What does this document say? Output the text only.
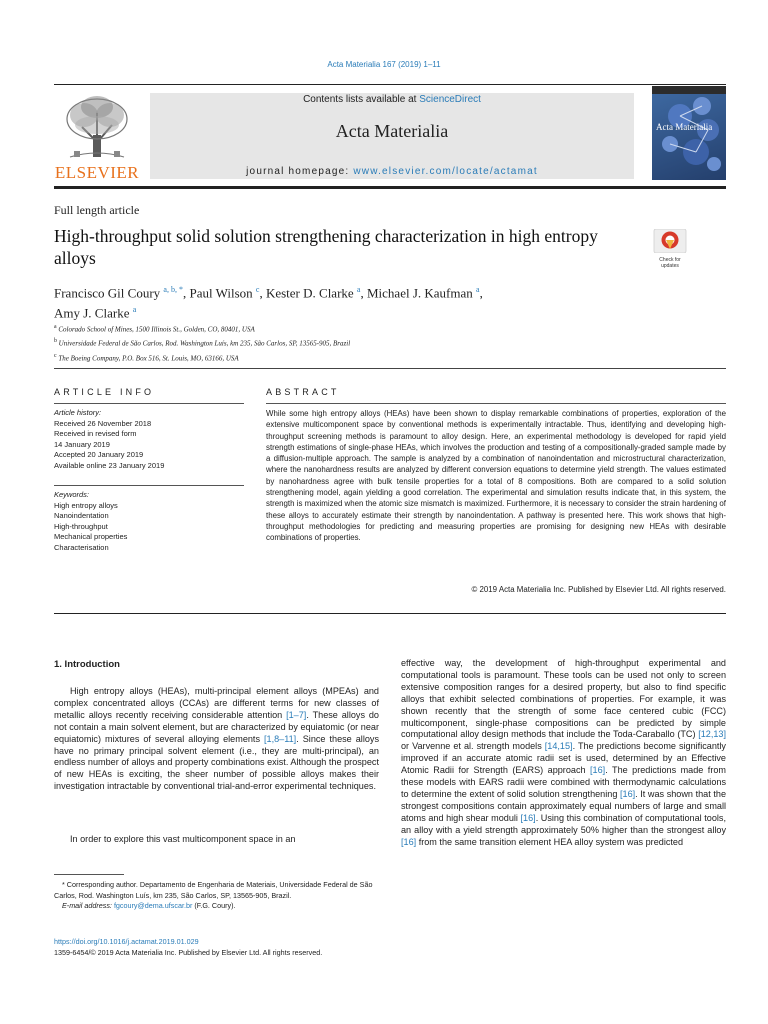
Acta Materialia 167 (2019) 1–11
ELSEVIER
Contents lists available at ScienceDirect
Acta Materialia
journal homepage: www.elsevier.com/locate/actamat
Acta Materialia
Full length article
High-throughput solid solution strengthening characterization in high entropy alloys	Check for updates
Francisco Gil Coury $^{a, b, *}$, Paul Wilson $^c$, Kester D. Clarke $^a$, Michael J. Kaufman $^a$,
Amy J. Clarke $^a$
$^a$ Colorado School of Mines, 1500 Illinois St., Golden, CO, 80401, USA
$^b$ Universidade Federal de São Carlos, Rod. Washington Luís, km 235, São Carlos, SP, 13565-905, Brazil
$^c$ The Boeing Company, P.O. Box 516, St. Louis, MO, 63166, USA
ARTICLE INFO
Article history:
Received 26 November 2018
Received in revised form
14 January 2019
Accepted 20 January 2019
Available online 23 January 2019
Keywords:
High entropy alloys
Nanoindentation
High-throughput
Mechanical properties
Characterisation
ABSTRACT
While some high entropy alloys (HEAs) have been shown to display remarkable combinations of properties, exploration of the extensive multicomponent space by conventional methods is experimentally intractable. Thus, identifying and developing high-throughput screening methods is paramount to alloy design. Here, an experimental methodology is developed for rapid yield strength estimations of single-phase HEAs, which involves the production and testing of a compositionally-graded sample made by a diffusion-multiple approach. The sample is analyzed by a combination of nanoindentation and microstructural characterization, where the nanohardness results are analyzed by different conversion equations to determine yield strength. The values estimated by nanohardness agree with bulk tensile properties for a total of 8 compositions. Both are compared to a solid solution strengthening model, again yielding a good correlation. The experimental and simulation results indicate that, in this system, the strength is maximized when the atomic size mismatch is maximized. Furthermore, it is necessary to consider the strain hardening of these alloys to accurately estimate their strength by nanoindentation. A pathway is presented here. This work shows that high-throughput methodologies for predicting and measuring properties are promising for designing new HEAs with desirable combinations of properties.
© 2019 Acta Materialia Inc. Published by Elsevier Ltd. All rights reserved.
1. Introduction
High entropy alloys (HEAs), multi-principal element alloys (MPEAs) and complex concentrated alloys (CCAs) are different terms for new classes of metallic alloys recently receiving considerable attention [1–7]. These alloys do not contain a main solvent element, but are characterized by equiatomic (or near equiatomic) mixtures of several alloying elements [1,8–11]. Since these alloys have no primary principal solvent element (i.e., they are multi-principal), an endless number of alloys and property combinations exist. Although the prospect of new HEAs is exciting, the sheer number of possible alloys makes their investigation intractable by conventional trial-and-error experimental techniques.
In order to explore this vast multicomponent space in an
effective way, the development of high-throughput experimental and computational tools is paramount. These tools can be used not only to screen extensive composition ranges for a desired property, but also to find specific alloys that exhibit selected combinations of properties. For example, it was shown recently that the strength of some face centered cubic (FCC) multicomponent, single-phase compositions can be predicted by simple computational alloy design methods that include the Toda-Caraballo (TC) [12,13] or Varvenne et al. strength models [14,15]. The predictions become significantly improved if an accurate atomic radii set is used, determined by an Effective Atomic Radii for Strength (EARS) approach [16]. The predictions made from these models with EARS radii were combined with thermodynamic calculations to determine the extent of solid solution strengthening [16]. It was shown that the strongest compositions contain approximately equal numbers of large and small atoms and high shear moduli [16]. Using this combination of computational tools, an alloy with a yield strength approximately 50% higher than the strongest alloy [16] from the same transition element HEA alloy system was predicted
* Corresponding author. Departamento de Engenharia de Materiais, Universidade Federal de São Carlos, Rod. Washington Luís, km 235, São Carlos, SP, 13565-905, Brazil.
E-mail address: fgcoury@dema.ufscar.br (F.G. Coury).
https://doi.org/10.1016/j.actamat.2019.01.029
1359-6454/© 2019 Acta Materialia Inc. Published by Elsevier Ltd. All rights reserved.
